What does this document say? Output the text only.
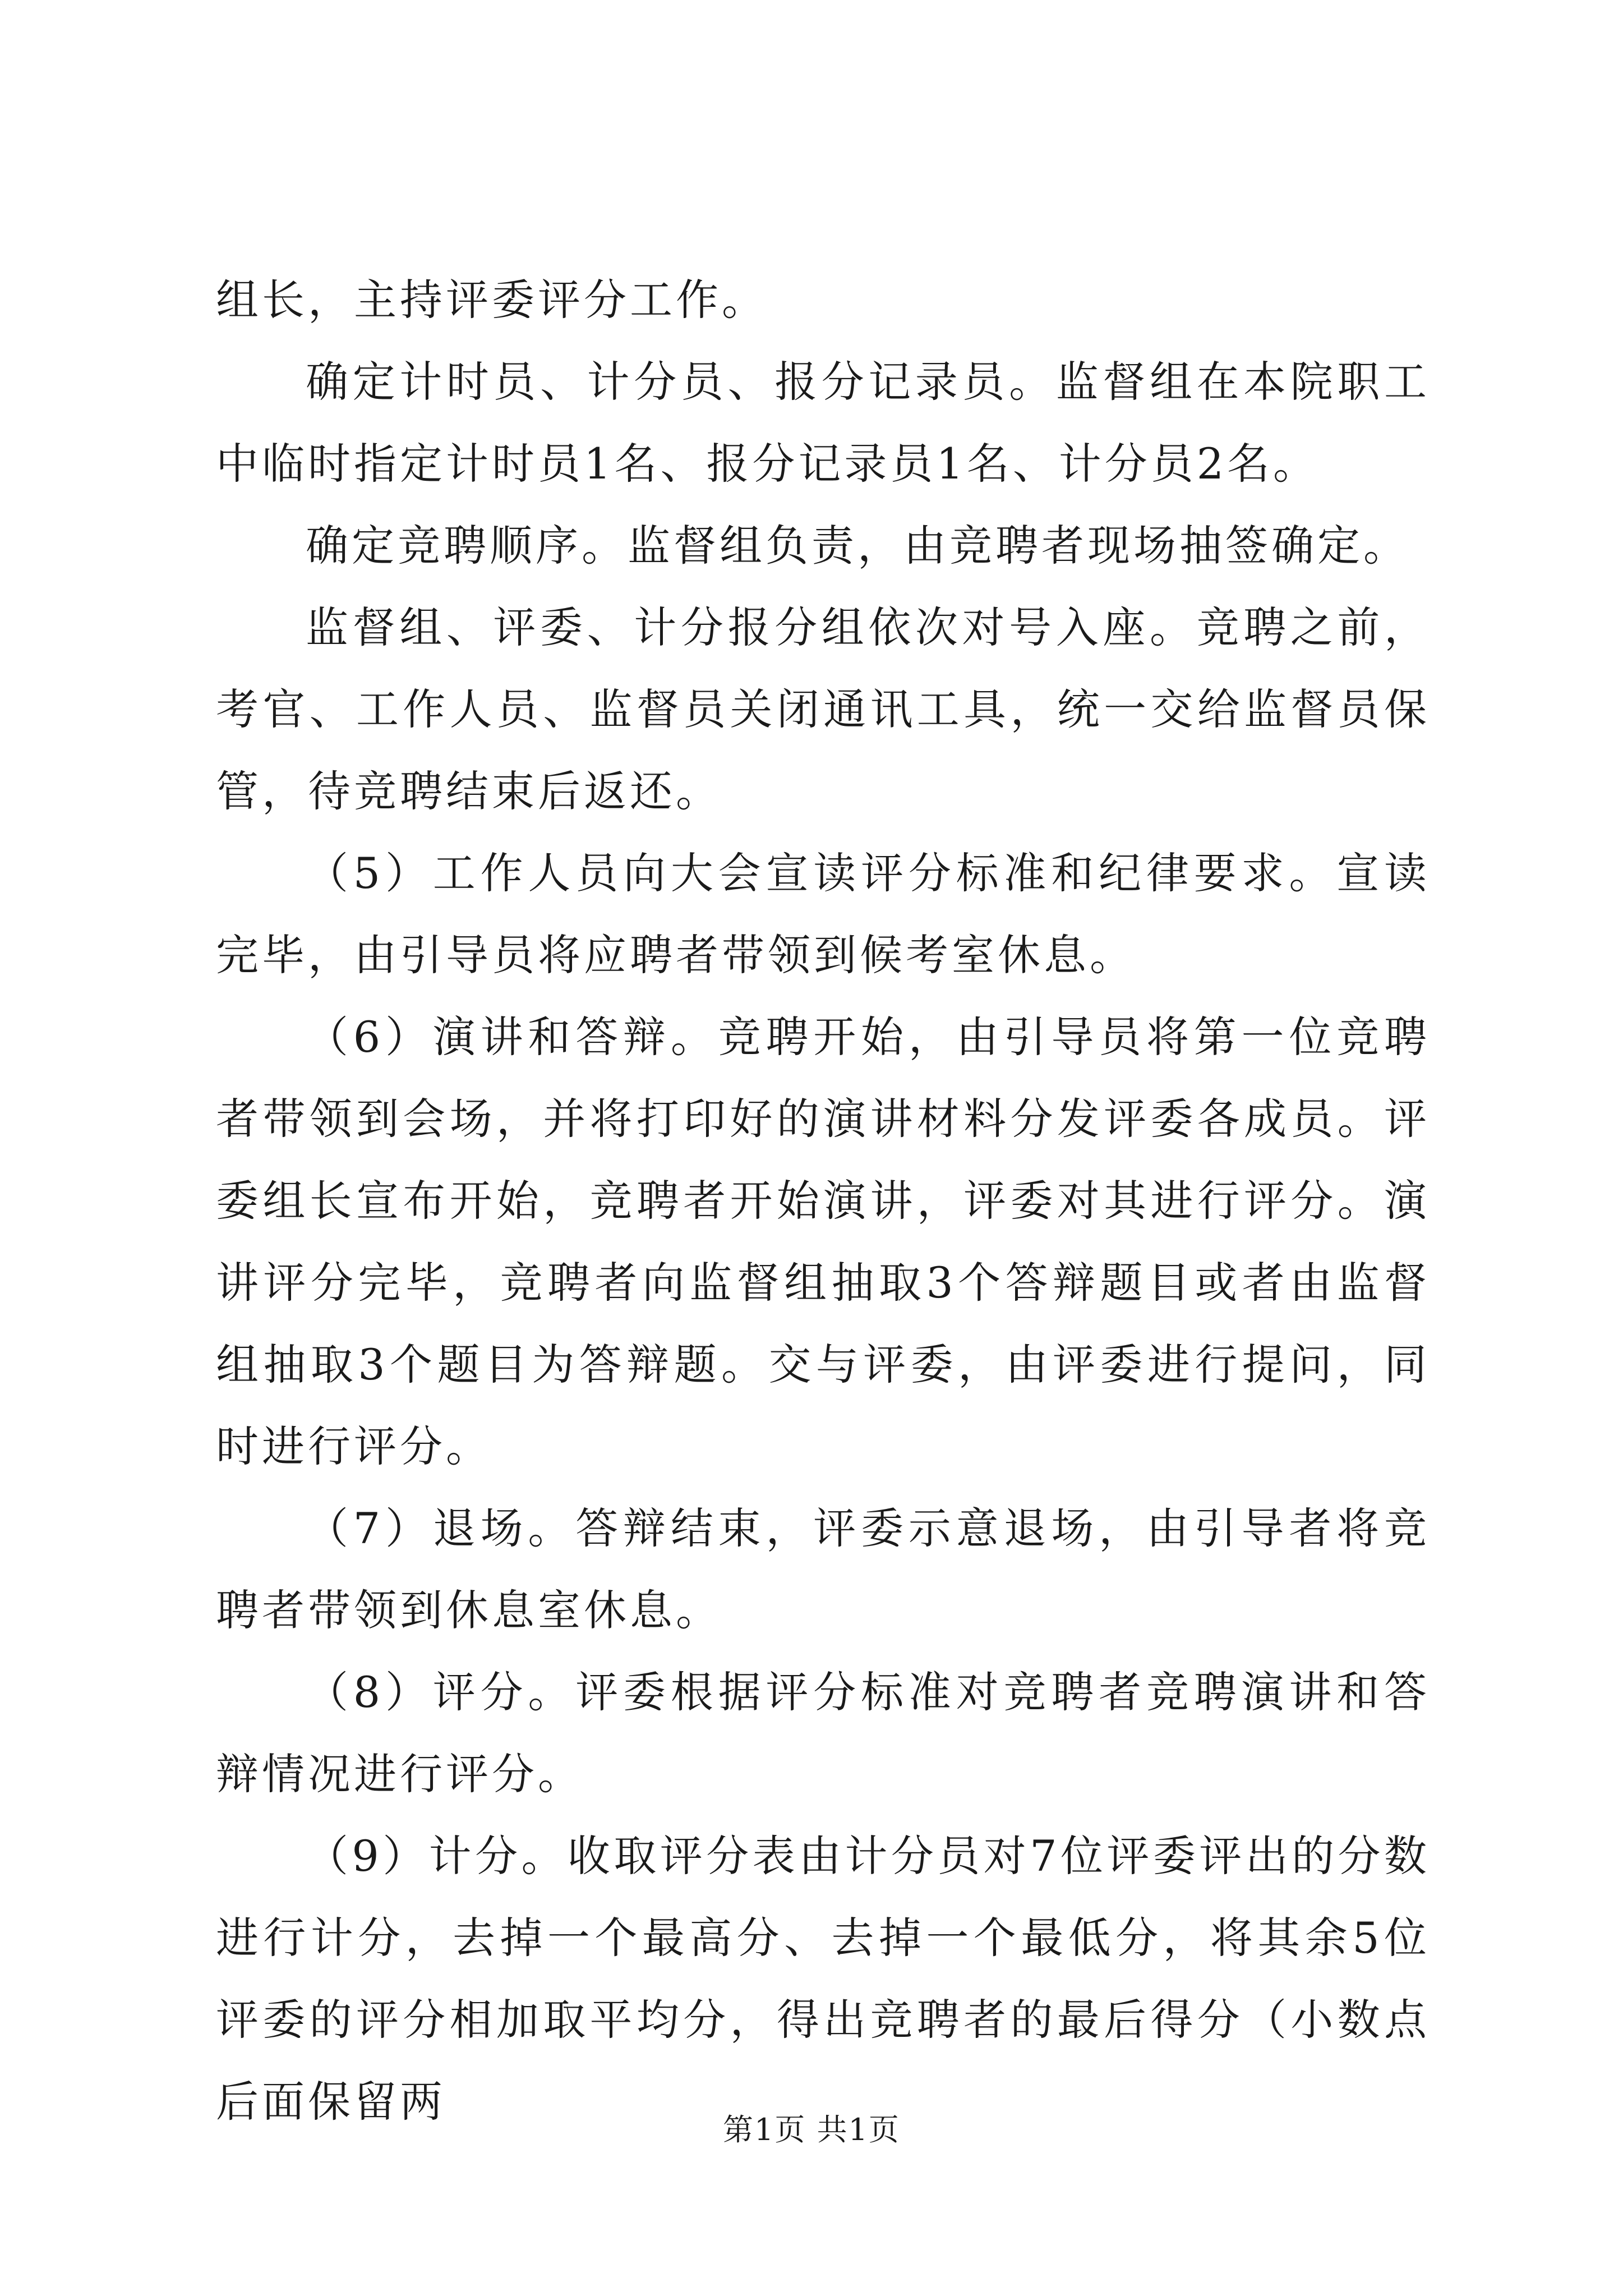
组长，主持评委评分工作。

确定计时员、计分员、报分记录员。监督组在本院职工中临时指定计时员1名、报分记录员1名、计分员2名。

确定竞聘顺序。监督组负责，由竞聘者现场抽签确定。

监督组、评委、计分报分组依次对号入座。竞聘之前，考官、工作人员、监督员关闭通讯工具，统一交给监督员保管，待竞聘结束后返还。

（5）工作人员向大会宣读评分标准和纪律要求。宣读完毕，由引导员将应聘者带领到候考室休息。

（6）演讲和答辩。竞聘开始，由引导员将第一位竞聘者带领到会场，并将打印好的演讲材料分发评委各成员。评委组长宣布开始，竞聘者开始演讲，评委对其进行评分。演讲评分完毕，竞聘者向监督组抽取3个答辩题目或者由监督组抽取3个题目为答辩题。交与评委，由评委进行提问，同时进行评分。

（7）退场。答辩结束，评委示意退场，由引导者将竞聘者带领到休息室休息。

（8）评分。评委根据评分标准对竞聘者竞聘演讲和答辩情况进行评分。

（9）计分。收取评分表由计分员对7位评委评出的分数进行计分，去掉一个最高分、去掉一个最低分，将其余5位评委的评分相加取平均分，得出竞聘者的最后得分（小数点后面保留两

第1页 共1页
